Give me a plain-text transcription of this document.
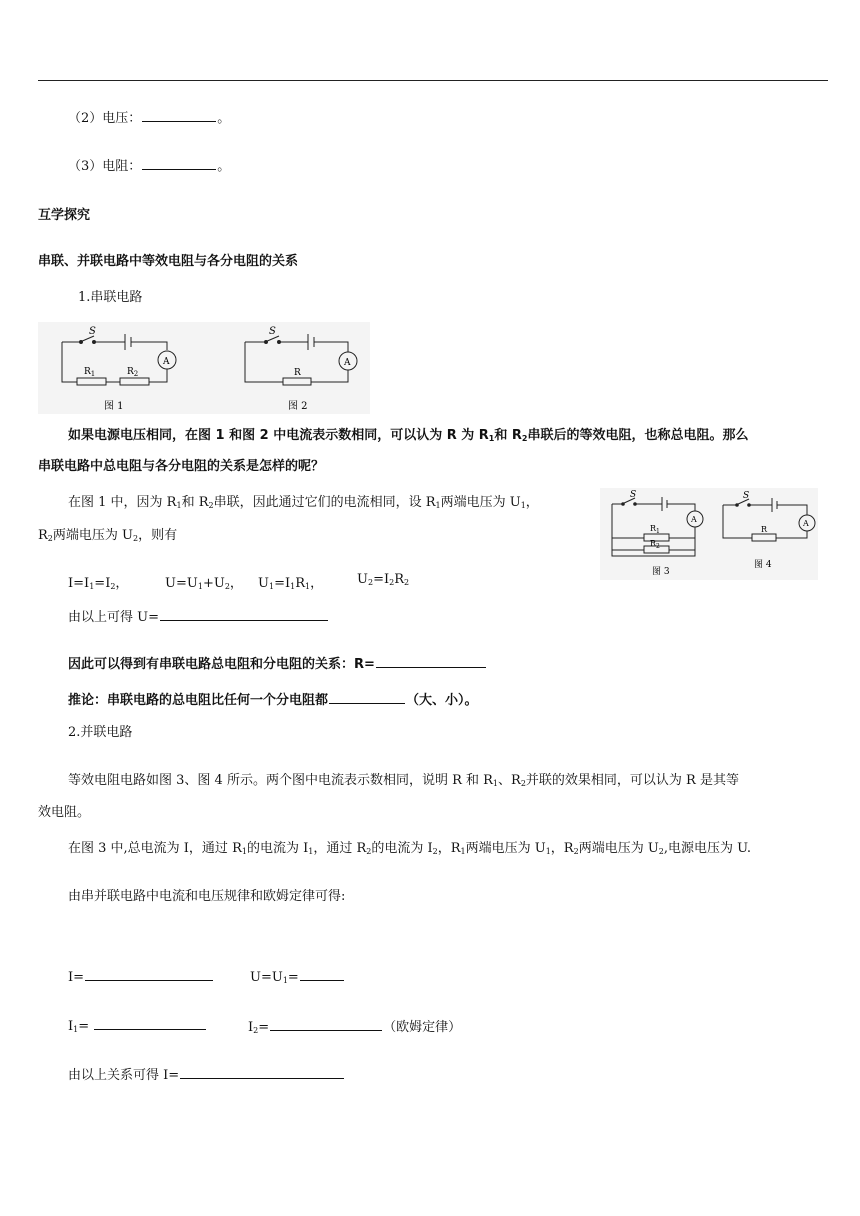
（2）电压：	。
（3）电阻：	。
互学探究
串联、并联电路中等效电阻与各分电阻的关系
1.串联电路
S
A
$R_1$	$R_2$
图 1
S
A
R
图 2
如果电源电压相同，在图 1 和图 2 中电流表示数相同，可以认为 R 为 $R_1$和 $R_2$串联后的等效电阻，也称总电阻。那么
串联电路中总电阻与各分电阻的关系是怎样的呢？
在图 1 中，因为 $R_1$和 $R_2$串联，因此通过它们的电流相同，设 $R_1$两端电压为 $U_1$，
$R_2$两端电压为 $U_2$，则有
$I=I_1=I_2$，	$U=U_1+U_2$， $U_1=I_1R_1$，	$U_2=I_2R_2$
S
A
$R_1$
$R_2$
图 3
S
A
R
图 4
由以上可得 U=
因此可以得到有串联电路总电阻和分电阻的关系：R=
推论：串联电路的总电阻比任何一个分电阻都	（大、小）。
2.并联电路
等效电阻电路如图 3、图 4 所示。两个图中电流表示数相同，说明 R 和 $R_1$、$R_2$并联的效果相同，可以认为 R 是其等
效电阻。
在图 3 中,总电流为 I，通过 $R_1$的电流为 $I_1$，通过 $R_2$的电流为 $I_2$，$R_1$两端电压为 $U_1$，$R_2$两端电压为 $U_2$,电源电压为 U.
由串并联电路中电流和电压规律和欧姆定律可得:
I=	$U=U_1=$
$I_1=$	$I_2=$	（欧姆定律）
由以上关系可得 I=
